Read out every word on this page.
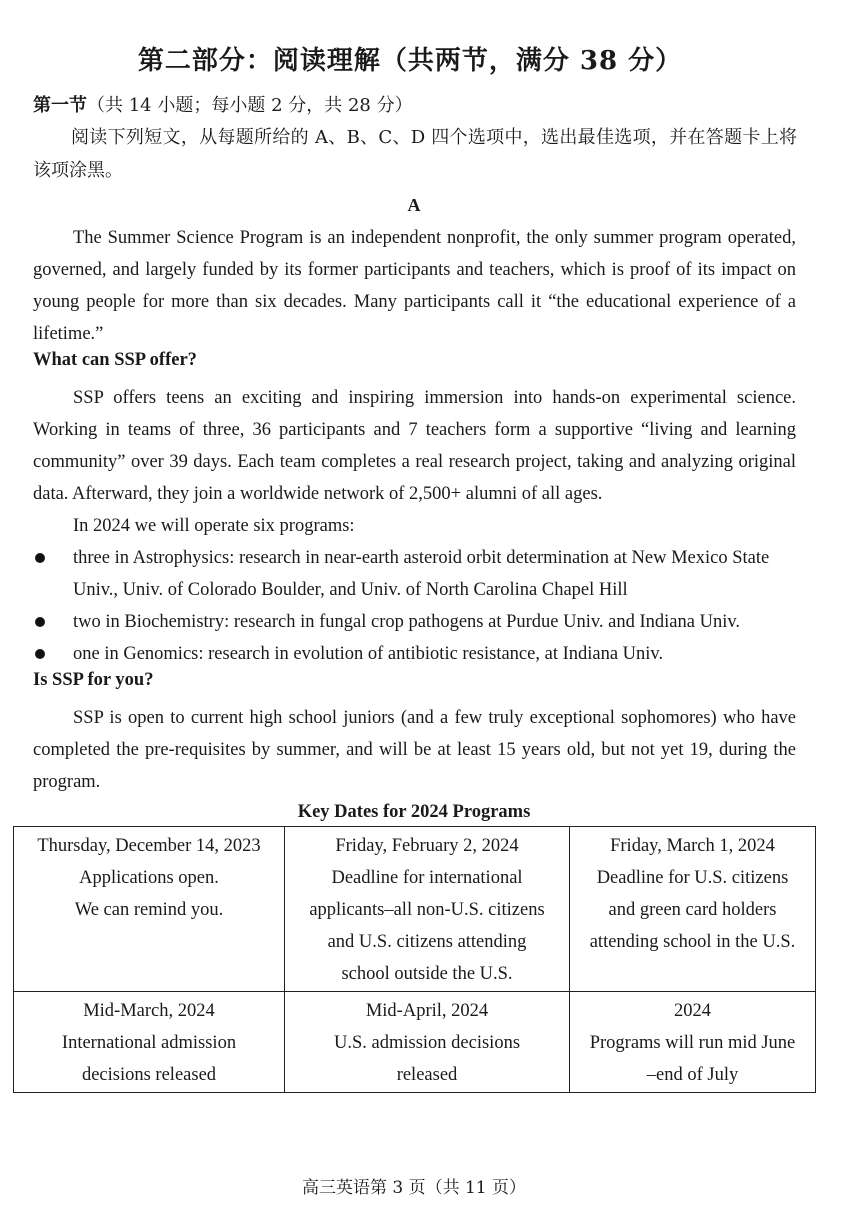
第二部分：阅读理解（共两节，满分 38 分）
第一节（共 14 小题；每小题 2 分，共 28 分）
阅读下列短文，从每题所给的 A、B、C、D 四个选项中，选出最佳选项，并在答题卡上将该项涂黑。
A
The Summer Science Program is an independent nonprofit, the only summer program operated, governed, and largely funded by its former participants and teachers, which is proof of its impact on young people for more than six decades. Many participants call it “the educational experience of a lifetime.”
What can SSP offer?
SSP offers teens an exciting and inspiring immersion into hands-on experimental science. Working in teams of three, 36 participants and 7 teachers form a supportive “living and learning community” over 39 days. Each team completes a real research project, taking and analyzing original data. Afterward, they join a worldwide network of 2,500+ alumni of all ages.
In 2024 we will operate six programs:
three in Astrophysics: research in near-earth asteroid orbit determination at New Mexico State Univ., Univ. of Colorado Boulder, and Univ. of North Carolina Chapel Hill
two in Biochemistry: research in fungal crop pathogens at Purdue Univ. and Indiana Univ.
one in Genomics: research in evolution of antibiotic resistance, at Indiana Univ.
Is SSP for you?
SSP is open to current high school juniors (and a few truly exceptional sophomores) who have completed the pre-requisites by summer, and will be at least 15 years old, but not yet 19, during the program.
Key Dates for 2024 Programs
Thursday, December 14, 2023
Applications open.
We can remind you.	Friday, February 2, 2024
Deadline for international
applicants–all non-U.S. citizens
and U.S. citizens attending
school outside the U.S.	Friday, March 1, 2024
Deadline for U.S. citizens
and green card holders
attending school in the U.S.

Mid-March, 2024
International admission
decisions released	Mid-April, 2024
U.S. admission decisions
released	2024
Programs will run mid June
–end of July
高三英语第 3 页（共 11 页）
